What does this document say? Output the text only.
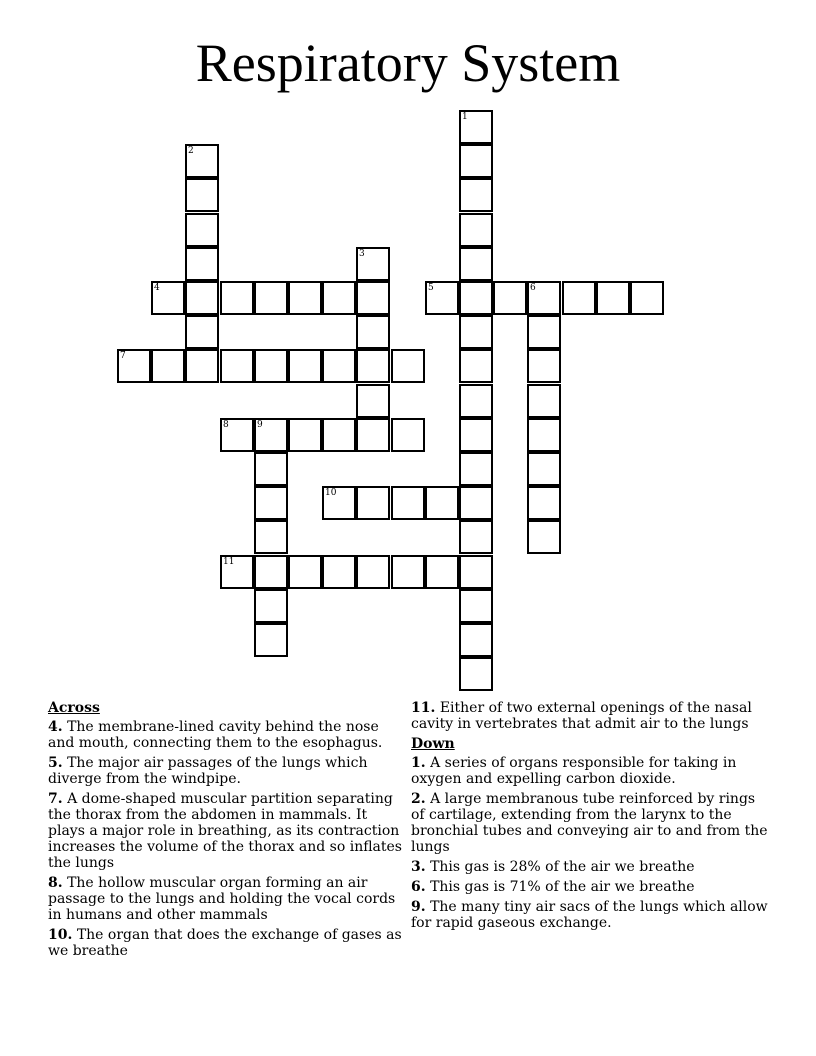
Respiratory System
1
2
3
4	5	6
7
8	9
10
11
Across
4. The membrane-lined cavity behind the nose and mouth, connecting them to the esophagus.
5. The major air passages of the lungs which diverge from the windpipe.
7. A dome-shaped muscular partition separating the thorax from the abdomen in mammals. It plays a major role in breathing, as its contraction increases the volume of the thorax and so inflates the lungs
8. The hollow muscular organ forming an air passage to the lungs and holding the vocal cords in humans and other mammals
10. The organ that does the exchange of gases as we breathe
11. Either of two external openings of the nasal cavity in vertebrates that admit air to the lungs
Down
1. A series of organs responsible for taking in oxygen and expelling carbon dioxide.
2. A large membranous tube reinforced by rings of cartilage, extending from the larynx to the bronchial tubes and conveying air to and from the lungs
3. This gas is 28% of the air we breathe
6. This gas is 71% of the air we breathe
9. The many tiny air sacs of the lungs which allow for rapid gaseous exchange.
